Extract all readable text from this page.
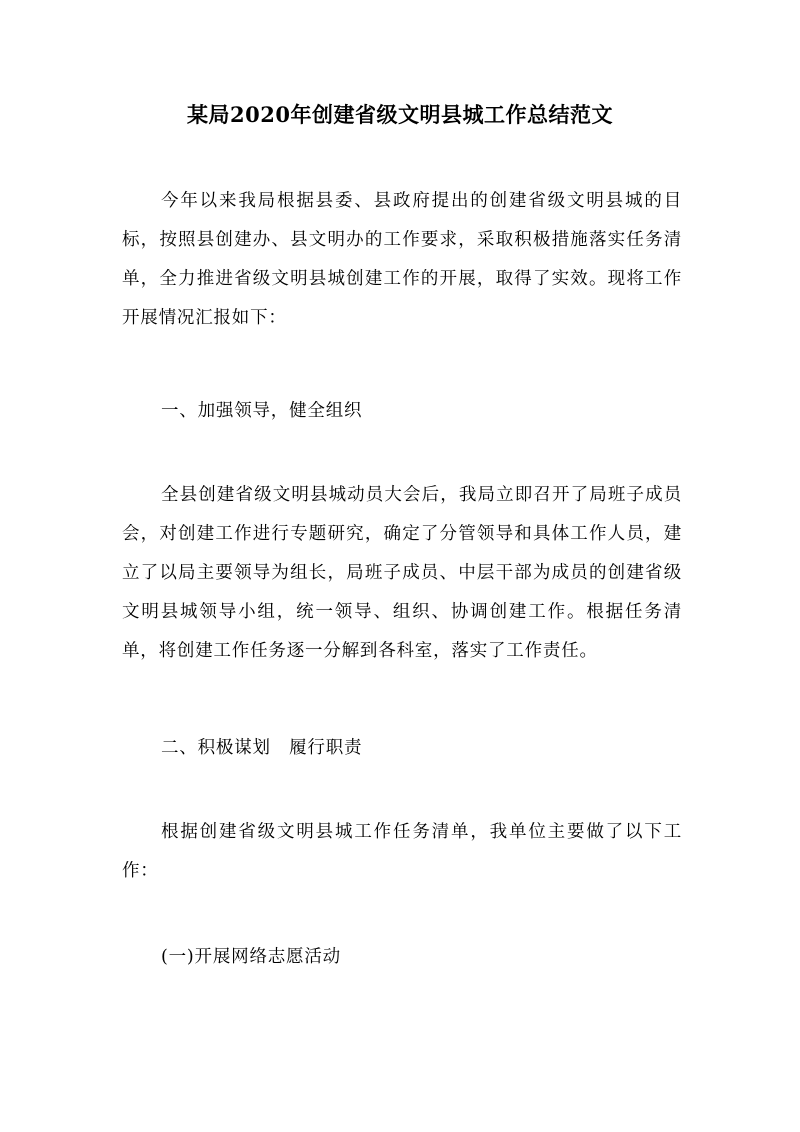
某局2020年创建省级文明县城工作总结范文

今年以来我局根据县委、县政府提出的创建省级文明县城的目标，按照县创建办、县文明办的工作要求，采取积极措施落实任务清单，全力推进省级文明县城创建工作的开展，取得了实效。现将工作开展情况汇报如下：

一、加强领导，健全组织

全县创建省级文明县城动员大会后，我局立即召开了局班子成员会，对创建工作进行专题研究，确定了分管领导和具体工作人员，建立了以局主要领导为组长，局班子成员、中层干部为成员的创建省级文明县城领导小组，统一领导、组织、协调创建工作。根据任务清单，将创建工作任务逐一分解到各科室，落实了工作责任。

二、积极谋划　履行职责

根据创建省级文明县城工作任务清单，我单位主要做了以下工作：

(一)开展网络志愿活动
